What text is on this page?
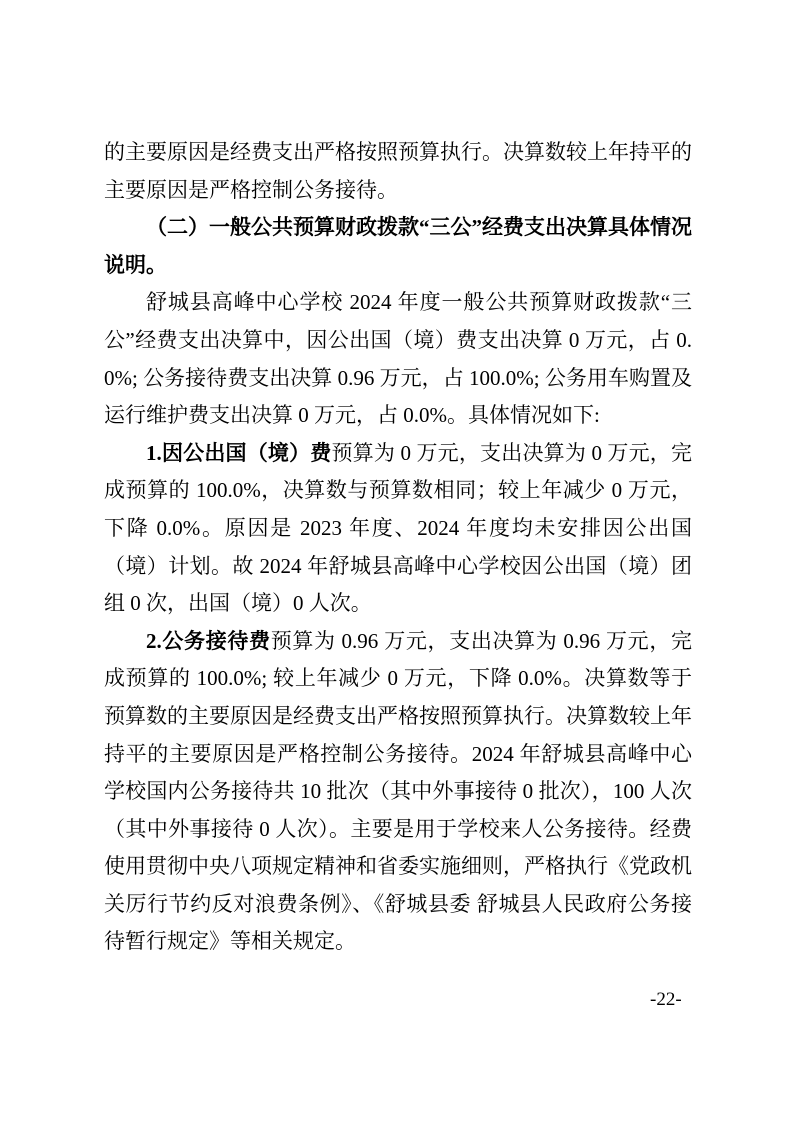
的主要原因是经费支出严格按照预算执行。决算数较上年持平的主要原因是严格控制公务接待。

（二）一般公共预算财政拨款“三公”经费支出决算具体情况说明。

舒城县高峰中心学校 2024 年度一般公共预算财政拨款“三公”经费支出决算中，因公出国（境）费支出决算 0 万元，占 0.0%; 公务接待费支出决算 0.96 万元，占 100.0%; 公务用车购置及运行维护费支出决算 0 万元，占 0.0%。具体情况如下:

1.因公出国（境）费预算为 0 万元，支出决算为 0 万元，完成预算的 100.0%，决算数与预算数相同；较上年减少 0 万元，下降 0.0%。原因是 2023 年度、2024 年度均未安排因公出国（境）计划。故 2024 年舒城县高峰中心学校因公出国（境）团组 0 次，出国（境）0 人次。

2.公务接待费预算为 0.96 万元，支出决算为 0.96 万元，完成预算的 100.0%; 较上年减少 0 万元，下降 0.0%。决算数等于预算数的主要原因是经费支出严格按照预算执行。决算数较上年持平的主要原因是严格控制公务接待。2024 年舒城县高峰中心学校国内公务接待共 10 批次（其中外事接待 0 批次），100 人次（其中外事接待 0 人次）。主要是用于学校来人公务接待。经费使用贯彻中央八项规定精神和省委实施细则，严格执行《党政机关厉行节约反对浪费条例》、《舒城县委 舒城县人民政府公务接待暂行规定》等相关规定。

-22-
